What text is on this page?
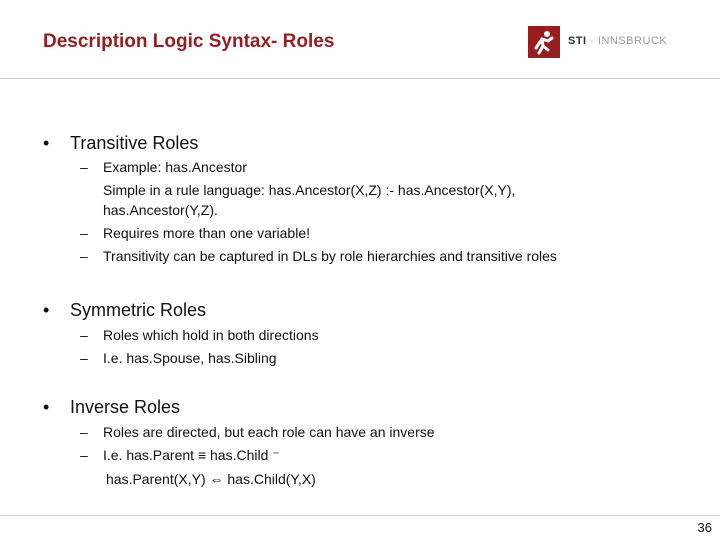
Description Logic Syntax- Roles	STI · INNSBRUCK
• Transitive Roles
– Example: has.Ancestor
Simple in a rule language: has.Ancestor(X,Z) :- has.Ancestor(X,Y),
has.Ancestor(Y,Z).
– Requires more than one variable!
– Transitivity can be captured in DLs by role hierarchies and transitive roles
• Symmetric Roles
– Roles which hold in both directions
– I.e. has.Spouse, has.Sibling
• Inverse Roles
– Roles are directed, but each role can have an inverse
– I.e. has.Parent ≡ has.Child ⁻
has.Parent(X,Y) ⇔ has.Child(Y,X)
36
